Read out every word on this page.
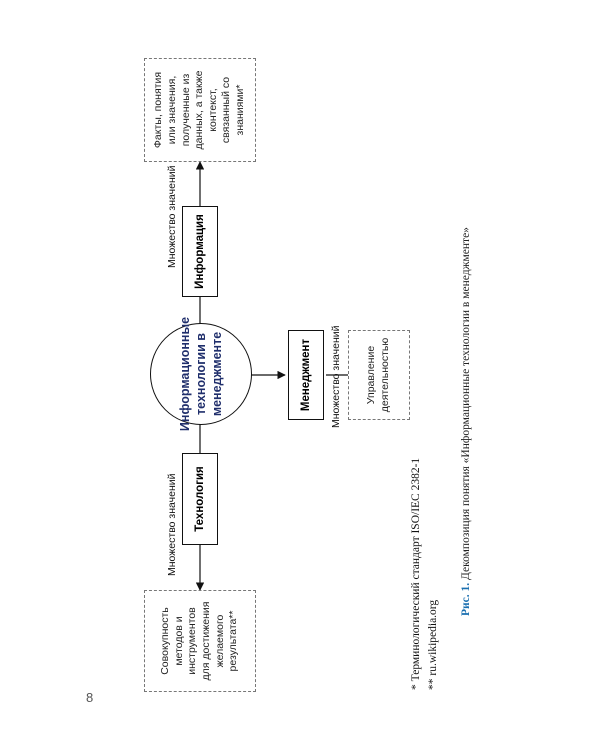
8
Совокупность методов и инструментов для достижения желаемого результата**
Технология
Информационные технологии в менеджменте
Информация
Факты, понятия или значения, полученные из данных, а также контекст, связанный со знаниями*
Менеджмент	Управление деятельностью
Множество значений
Множество значений
Множество значений
* Терминологический стандарт ISO/IEC 2382-1 ** ru.wikipedia.org
Рис. 1. Декомпозиция понятия «Информационные технологии в менеджменте»
